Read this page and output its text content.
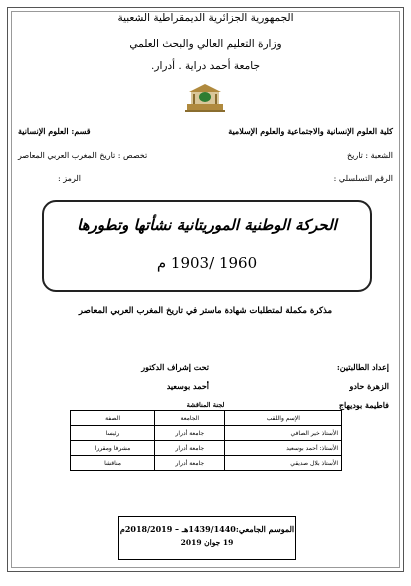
الجمهورية الجزائرية الديمقراطية الشعبية
وزارة التعليم العالي والبحث العلمي
جامعة أحمد دراية . أدرار.
كلية العلوم الإنسانية والاجتماعية والعلوم الإسلامية
قسم: العلوم الإنسانية
الشعبة : تاريخ
تخصص : تاريخ المغرب العربي المعاصر
الرقم التسلسلي :
الرمز :
الحركة الوطنية الموريتانية نشأتها وتطورها
1960 /1903 م
مذكرة مكملة لمتطلبات شهادة ماستر في تاريخ المغرب العربي المعاصر
إعداد الطالبتين:
الزهرة حادو
فاطيمة بوديهاج
تحت إشراف الدكتور
أحمد بوسعيد
لجنة المناقشة
الإسم واللقب	الجامعة	الصفة
الأستاذ خير الصافي	جامعة أدرار	رئيسا
الأستاذ: أحمد بوسعيد	جامعة أدرار	مشرفا ومقررا
الأستاذ بلال صديقي	جامعة أدرار	مناقشا
الموسم الجامعي:1439/1440هـ – 2018/2019م
19 جوان 2019
